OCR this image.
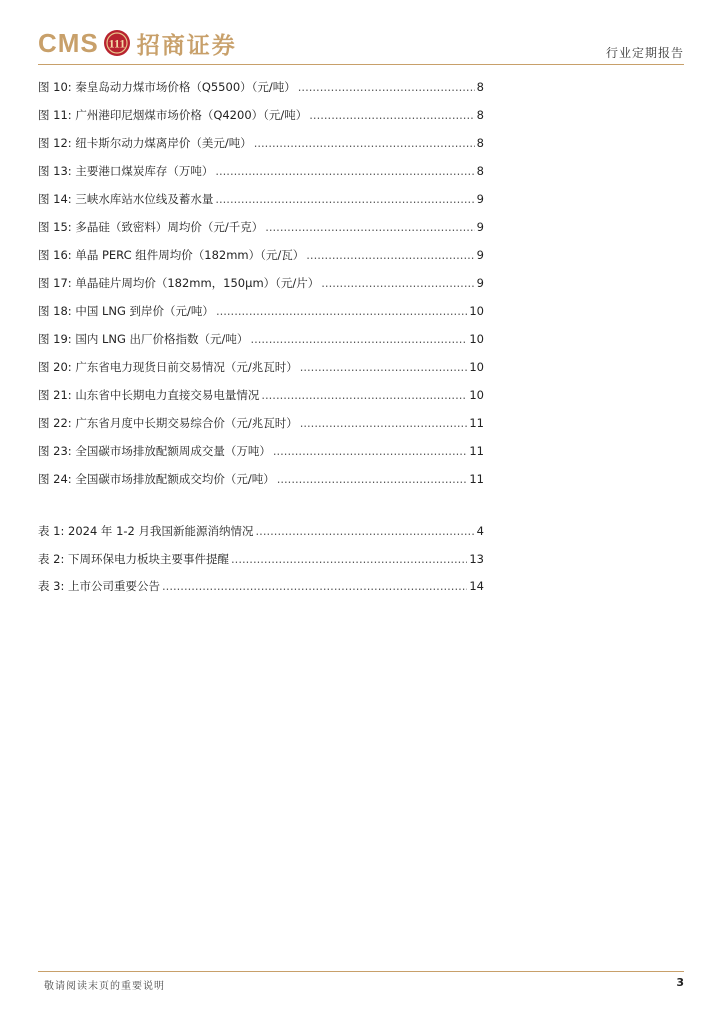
CMS 111 招商证券	行业定期报告
图 10: 秦皇岛动力煤市场价格（Q5500）（元/吨） .....	8
图 11: 广州港印尼烟煤市场价格（Q4200）（元/吨） .....	8
图 12: 纽卡斯尔动力煤离岸价（美元/吨） .....	8
图 13: 主要港口煤炭库存（万吨） .....	8
图 14: 三峡水库站水位线及蓄水量 .....	9
图 15: 多晶硅（致密料）周均价（元/千克） .....	9
图 16: 单晶 PERC 组件周均价（182mm）（元/瓦） .....	9
图 17: 单晶硅片周均价（182mm，150μm）（元/片） .....	9
图 18: 中国 LNG 到岸价（元/吨） .....	10
图 19: 国内 LNG 出厂价格指数（元/吨） .....	10
图 20: 广东省电力现货日前交易情况（元/兆瓦时） .....	10
图 21: 山东省中长期电力直接交易电量情况 .....	10
图 22: 广东省月度中长期交易综合价（元/兆瓦时） .....	11
图 23: 全国碳市场排放配额周成交量（万吨） .....	11
图 24: 全国碳市场排放配额成交均价（元/吨） .....	11
表 1: 2024 年 1-2 月我国新能源消纳情况 .....	4
表 2: 下周环保电力板块主要事件提醒 .....	13
表 3: 上市公司重要公告 .....	14
敬请阅读末页的重要说明	3
